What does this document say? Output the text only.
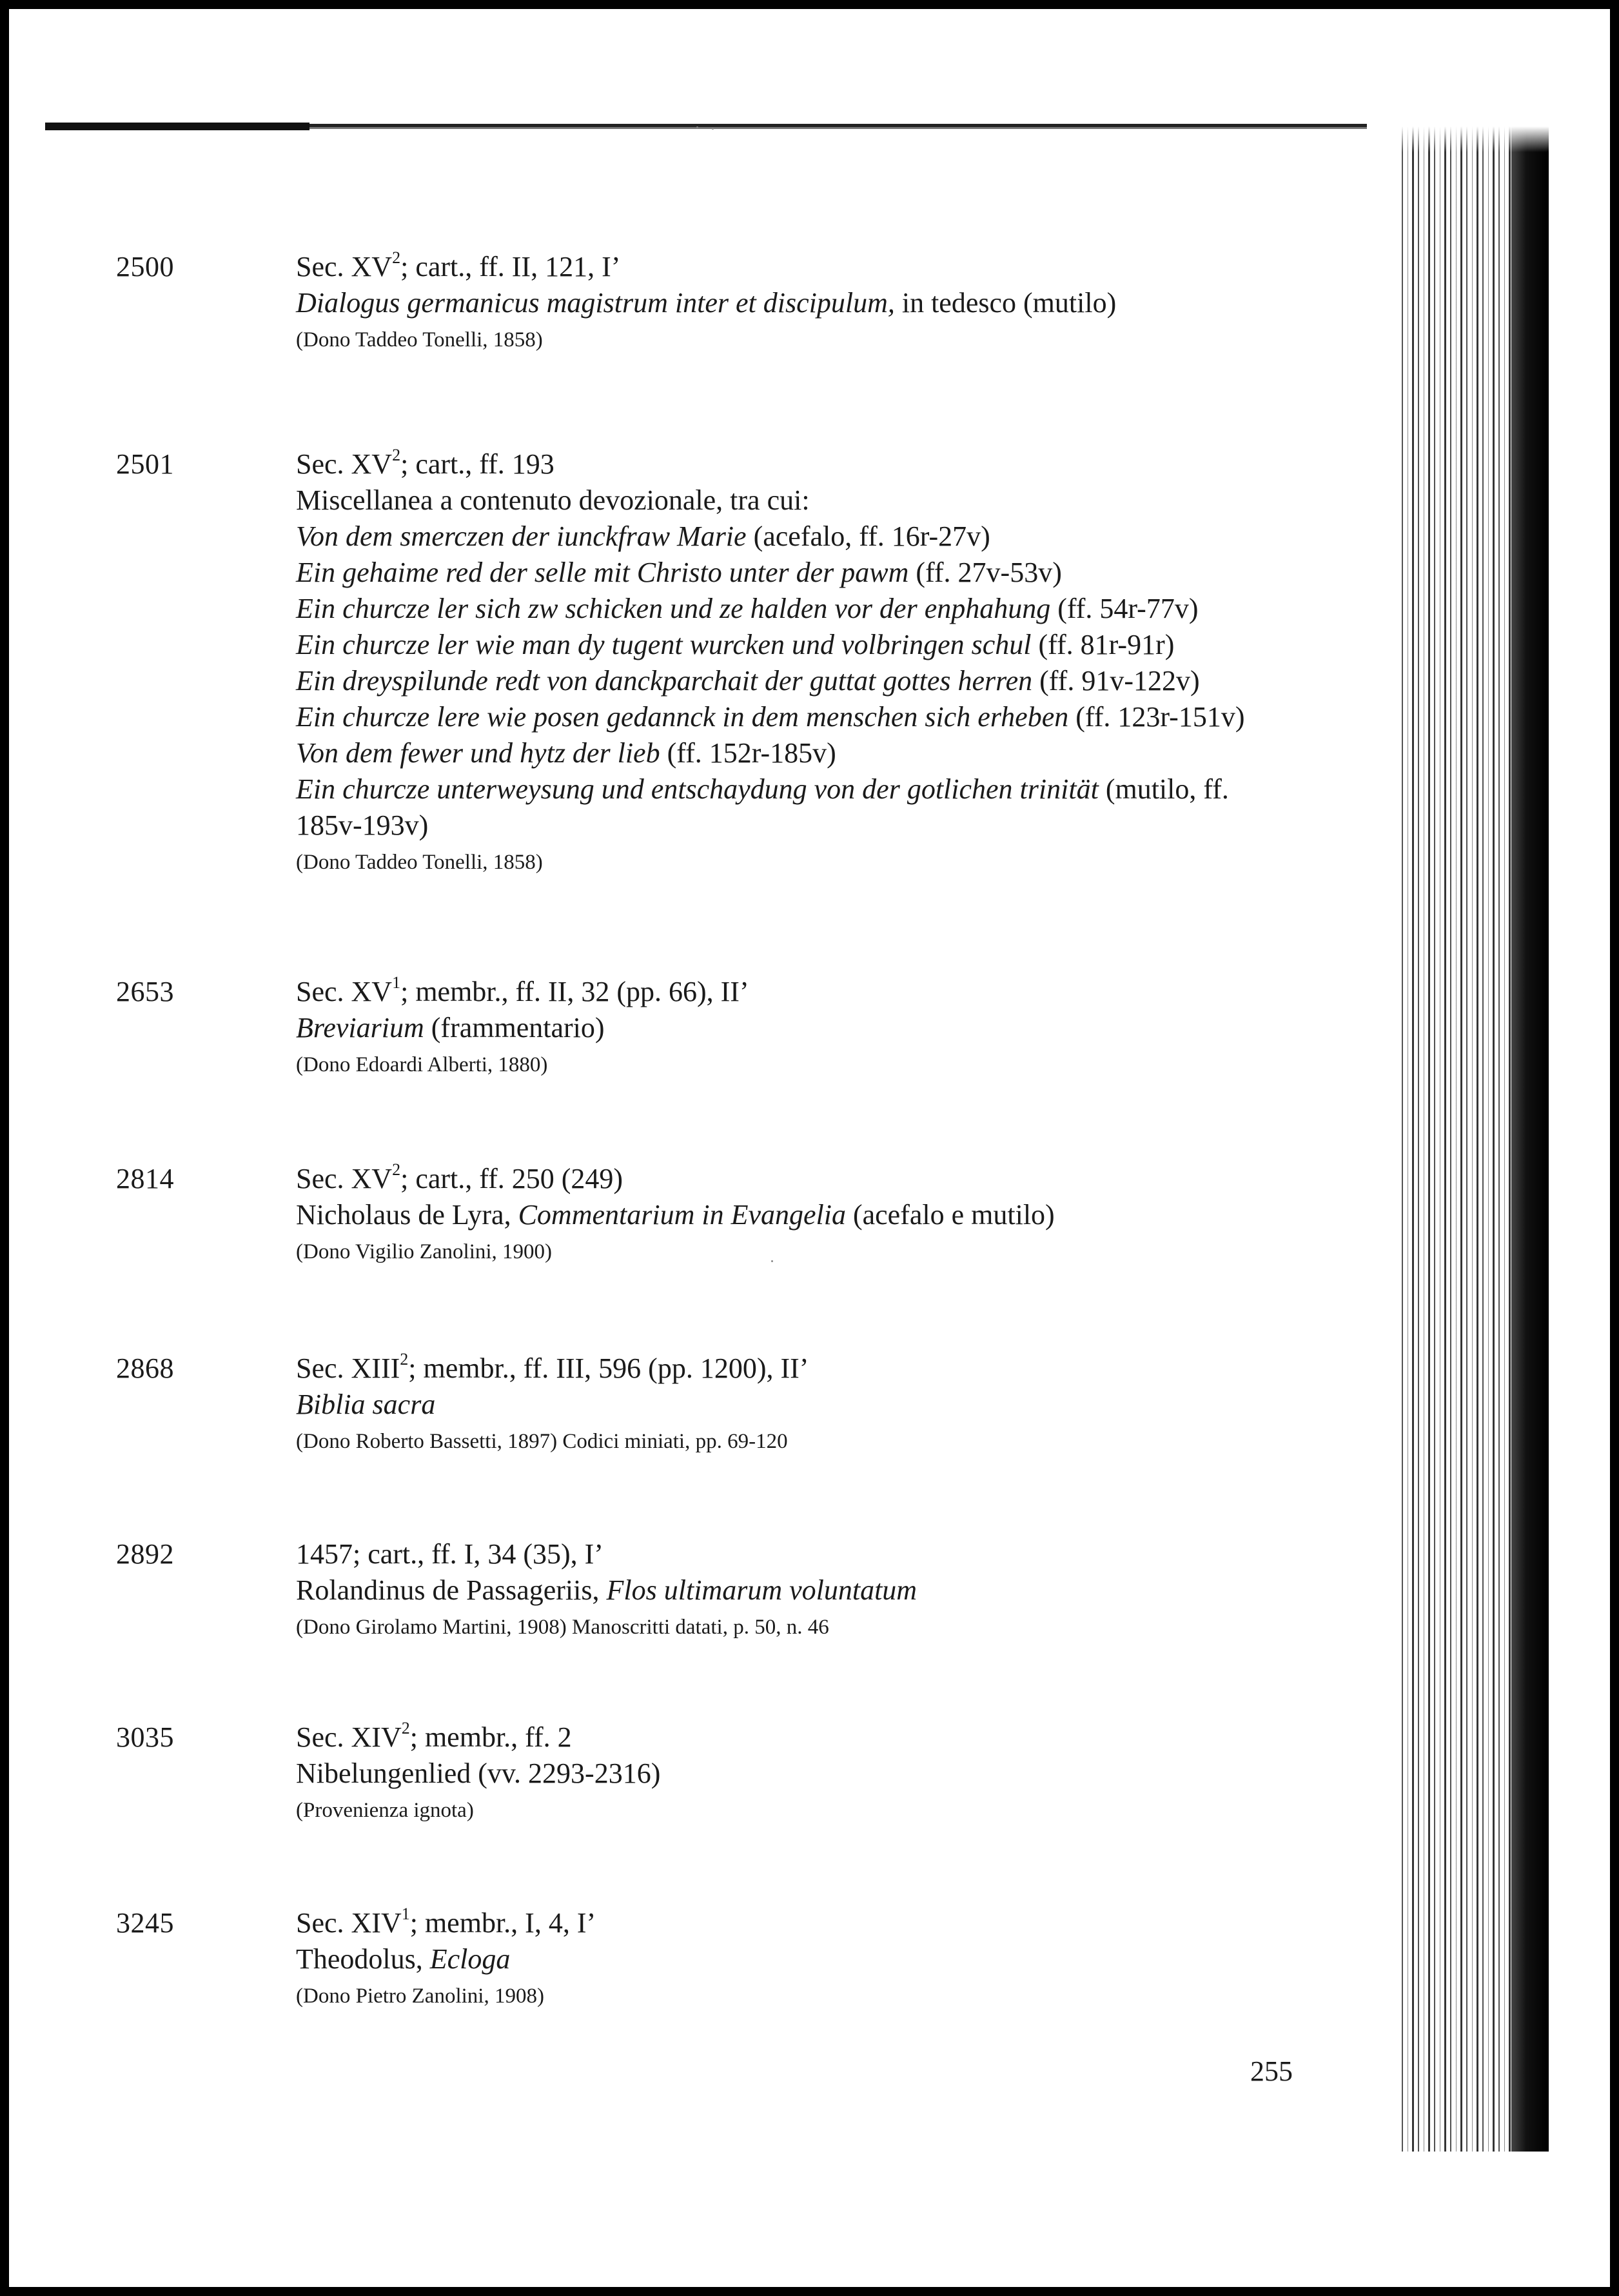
2500	Sec. $XV^2$; cart., ff. II, 121, I’
Dialogus germanicus magistrum inter et discipulum, in tedesco (mutilo)
(Dono Taddeo Tonelli, 1858)
2501	Sec. $XV^2$; cart., ff. 193
Miscellanea a contenuto devozionale, tra cui:
Von dem smerczen der iunckfraw Marie (acefalo, ff. 16r-27v)
Ein gehaime red der selle mit Christo unter der pawm (ff. 27v-53v)
Ein churcze ler sich zw schicken und ze halden vor der enphahung (ff. 54r-77v)
Ein churcze ler wie man dy tugent wurcken und volbringen schul (ff. 81r-91r)
Ein dreyspilunde redt von danckparchait der guttat gottes herren (ff. 91v-122v)
Ein churcze lere wie posen gedannck in dem menschen sich erheben (ff. 123r-151v)
Von dem fewer und hytz der lieb (ff. 152r-185v)
Ein churcze unterweysung und entschaydung von der gotlichen trinität (mutilo, ff.
185v-193v)
(Dono Taddeo Tonelli, 1858)
2653	Sec. $XV^1$; membr., ff. II, 32 (pp. 66), II’
Breviarium (frammentario)
(Dono Edoardi Alberti, 1880)
2814	Sec. $XV^2$; cart., ff. 250 (249)
Nicholaus de Lyra, Commentarium in Evangelia (acefalo e mutilo)
(Dono Vigilio Zanolini, 1900)
2868	Sec. XIII$^2$; membr., ff. III, 596 (pp. 1200), II’
Biblia sacra
(Dono Roberto Bassetti, 1897) Codici miniati, pp. 69-120
2892	1457; cart., ff. I, 34 (35), I’
Rolandinus de Passageriis, Flos ultimarum voluntatum
(Dono Girolamo Martini, 1908) Manoscritti datati, p. 50, n. 46
3035	Sec. XIV$^2$; membr., ff. 2
Nibelungenlied (vv. 2293-2316)
(Provenienza ignota)
3245	Sec. XIV$^1$; membr., I, 4, I’
Theodolus, Ecloga
(Dono Pietro Zanolini, 1908)
255
